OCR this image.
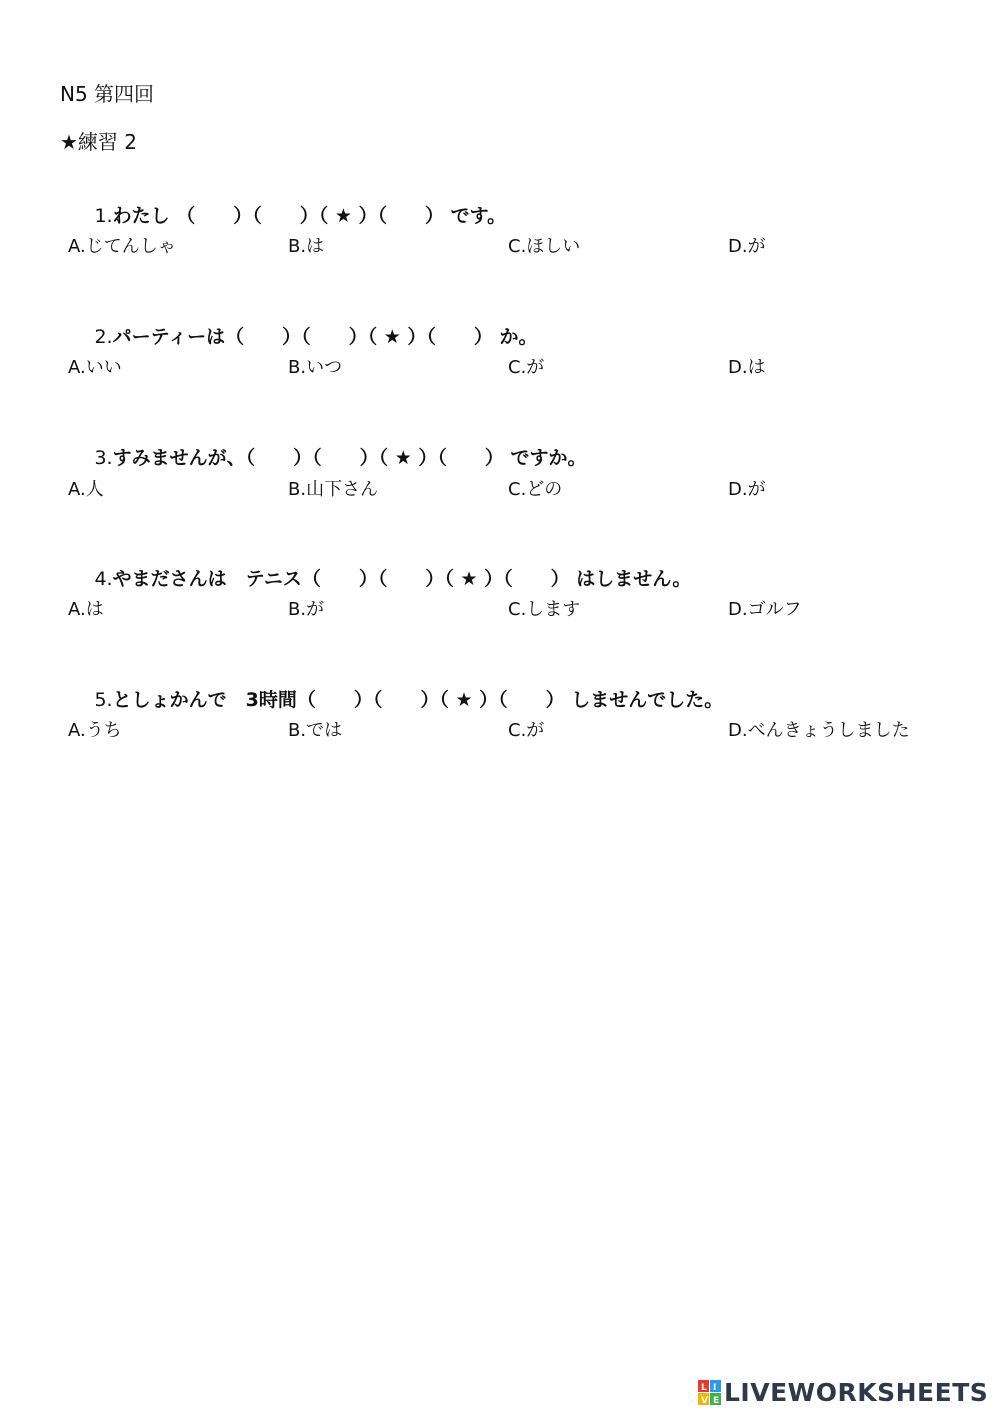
N5 第四回
★練習 2

1.わたし （　　）（　　）（ ★ ）（　　） です。

A.じてんしゃ	B.は	C.ほしい	D.が

2.パーティーは（　　）（　　）（ ★ ）（　　） か。

A.いい	B.いつ	C.が	D.は

3.すみませんが、（　　）（　　）（ ★ ）（　　） ですか。

A.人	B.山下さん	C.どの	D.が

4.やまださんは　テニス（　　）（　　）（ ★ ）（　　） はしません。

A.は	B.が	C.します	D.ゴルフ

5.としょかんで　3時間（　　）（　　）（ ★ ）（　　） しませんでした。

A.うち	B.では	C.が	D.べんきょうしました
L I
V E LIVEWORKSHEETS
